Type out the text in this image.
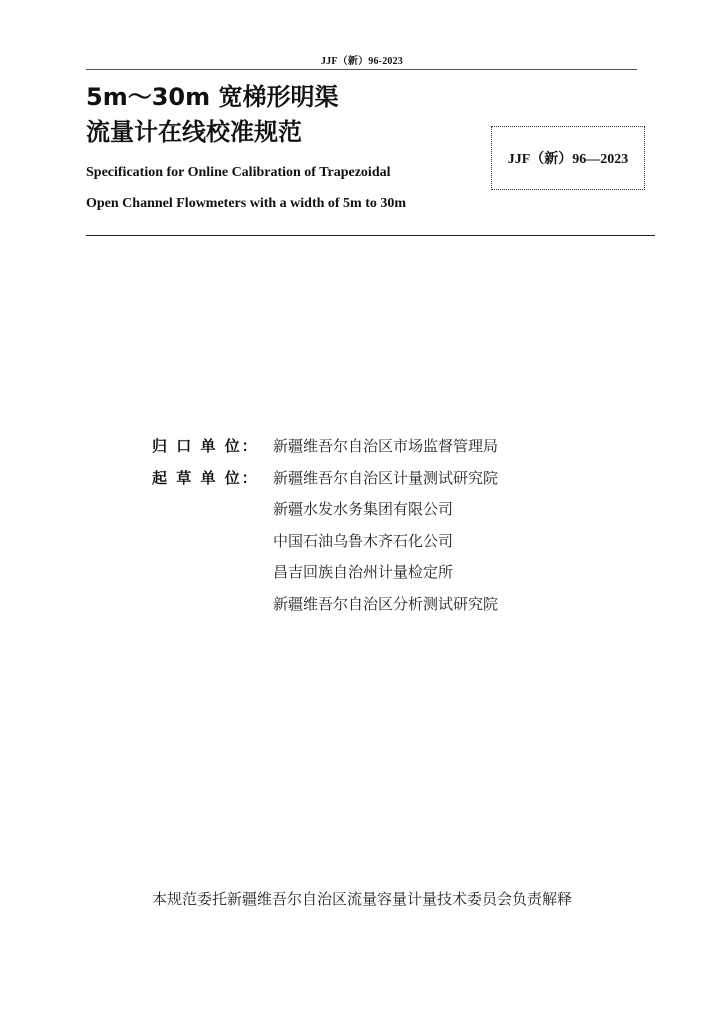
JJF（新）96-2023
5m～30m 宽梯形明渠
流量计在线校准规范
JJF（新）96—2023
Specification for Online Calibration of Trapezoidal
Open Channel Flowmeters with a width of 5m to 30m
归 口 单 位： 新疆维吾尔自治区市场监督管理局
起 草 单 位： 新疆维吾尔自治区计量测试研究院
新疆水发水务集团有限公司
中国石油乌鲁木齐石化公司
昌吉回族自治州计量检定所
新疆维吾尔自治区分析测试研究院
本规范委托新疆维吾尔自治区流量容量计量技术委员会负责解释
